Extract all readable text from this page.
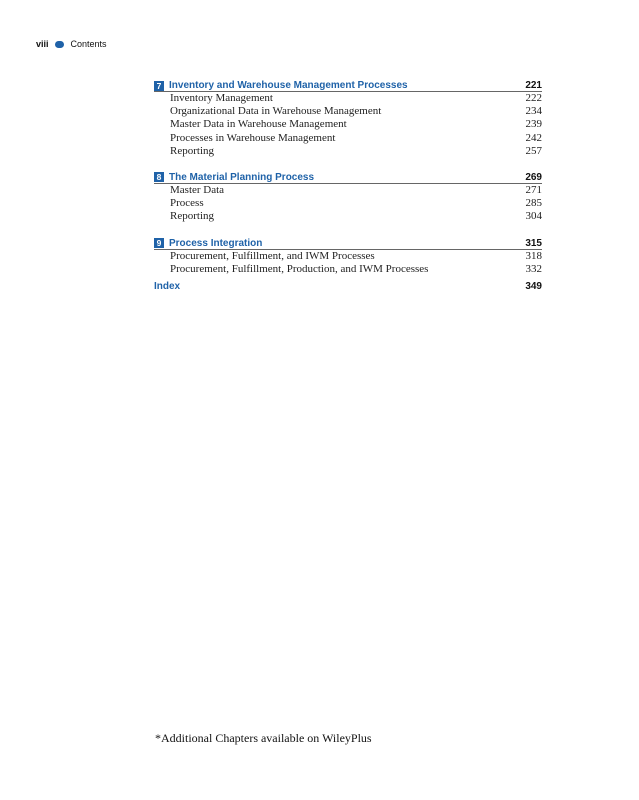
viii Contents
7 Inventory and Warehouse Management Processes	221
Inventory Management	222
Organizational Data in Warehouse Management	234
Master Data in Warehouse Management	239
Processes in Warehouse Management	242
Reporting	257
8 The Material Planning Process	269
Master Data	271
Process	285
Reporting	304
9 Process Integration	315
Procurement, Fulfillment, and IWM Processes	318
Procurement, Fulfillment, Production, and IWM Processes	332
Index	349
*Additional Chapters available on WileyPlus
